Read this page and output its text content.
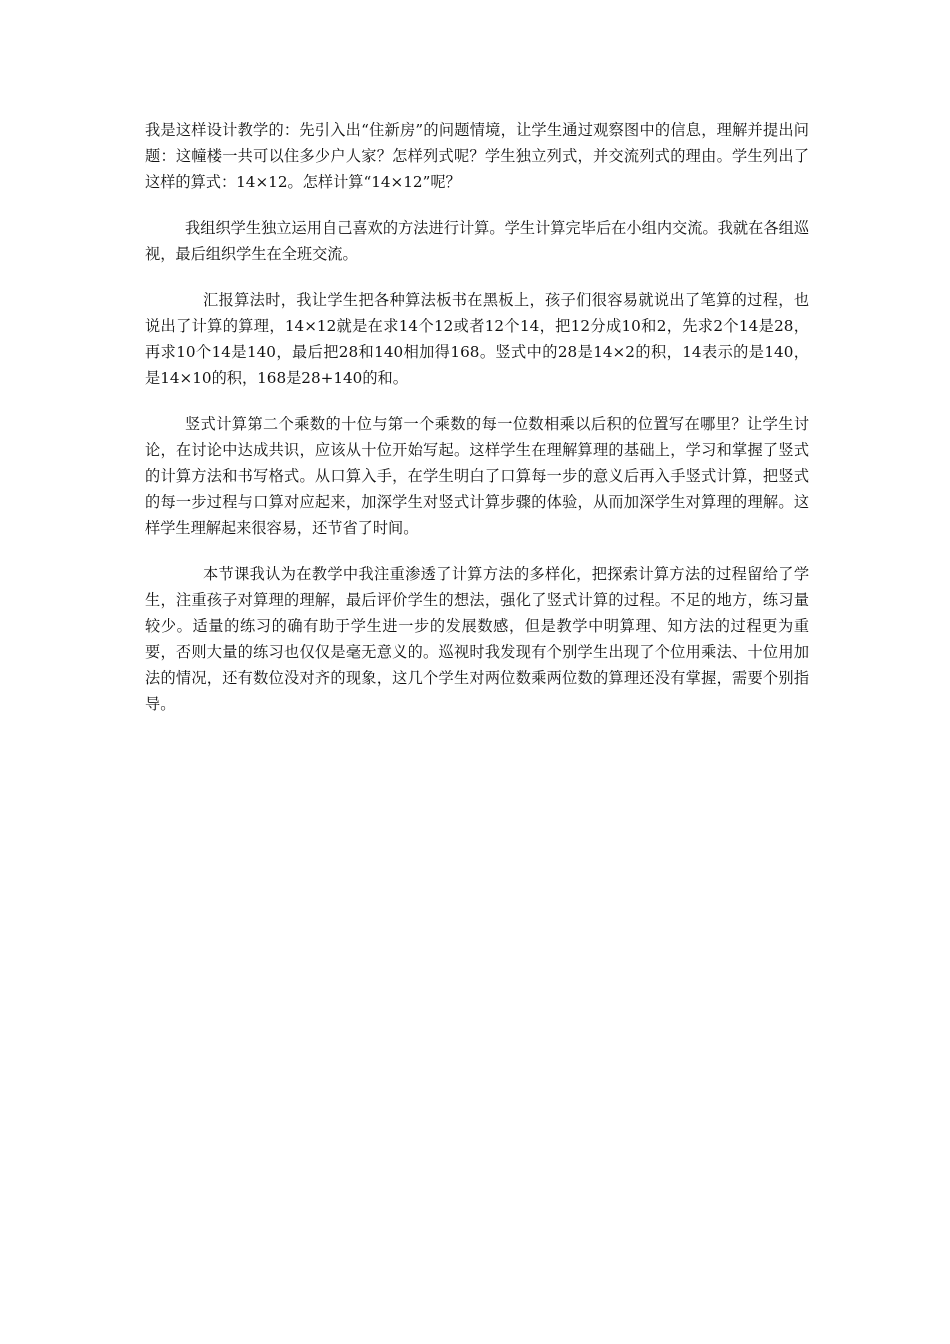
我是这样设计教学的：先引入出“住新房”的问题情境，让学生通过观察图中的信息，理解并提出问题：这幢楼一共可以住多少户人家？怎样列式呢？学生独立列式，并交流列式的理由。学生列出了这样的算式：14×12。怎样计算“14×12”呢？

我组织学生独立运用自己喜欢的方法进行计算。学生计算完毕后在小组内交流。我就在各组巡视，最后组织学生在全班交流。

汇报算法时，我让学生把各种算法板书在黑板上，孩子们很容易就说出了笔算的过程，也说出了计算的算理，14×12就是在求14个12或者12个14，把12分成10和2，先求2个14是28，再求10个14是140，最后把28和140相加得168。竖式中的28是14×2的积，14表示的是140，是14×10的积，168是28+140的和。

竖式计算第二个乘数的十位与第一个乘数的每一位数相乘以后积的位置写在哪里？让学生讨论，在讨论中达成共识，应该从十位开始写起。这样学生在理解算理的基础上，学习和掌握了竖式的计算方法和书写格式。从口算入手，在学生明白了口算每一步的意义后再入手竖式计算，把竖式的每一步过程与口算对应起来，加深学生对竖式计算步骤的体验，从而加深学生对算理的理解。这样学生理解起来很容易，还节省了时间。

本节课我认为在教学中我注重渗透了计算方法的多样化，把探索计算方法的过程留给了学生，注重孩子对算理的理解，最后评价学生的想法，强化了竖式计算的过程。不足的地方，练习量较少。适量的练习的确有助于学生进一步的发展数感，但是教学中明算理、知方法的过程更为重要，否则大量的练习也仅仅是毫无意义的。巡视时我发现有个别学生出现了个位用乘法、十位用加法的情况，还有数位没对齐的现象，这几个学生对两位数乘两位数的算理还没有掌握，需要个别指导。
